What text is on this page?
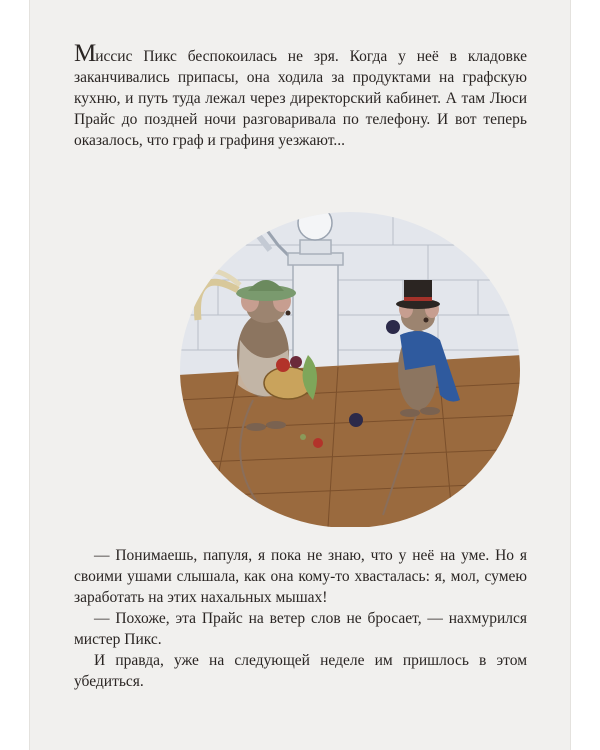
Миссис Пикс беспокоилась не зря. Когда у неё в кладовке заканчивались припасы, она ходила за продуктами на графскую кухню, и путь туда лежал через директорский кабинет. А там Люси Прайс до поздней ночи разговаривала по телефону. И вот теперь оказалось, что граф и графиня уезжают...

— Понимаешь, папуля, я пока не знаю, что у неё на уме. Но я своими ушами слышала, как она кому-то хвасталась: я, мол, сумею заработать на этих нахальных мышах!

— Похоже, эта Прайс на ветер слов не бросает, — нахмурился мистер Пикс.

И правда, уже на следующей неделе им пришлось в этом убедиться.
